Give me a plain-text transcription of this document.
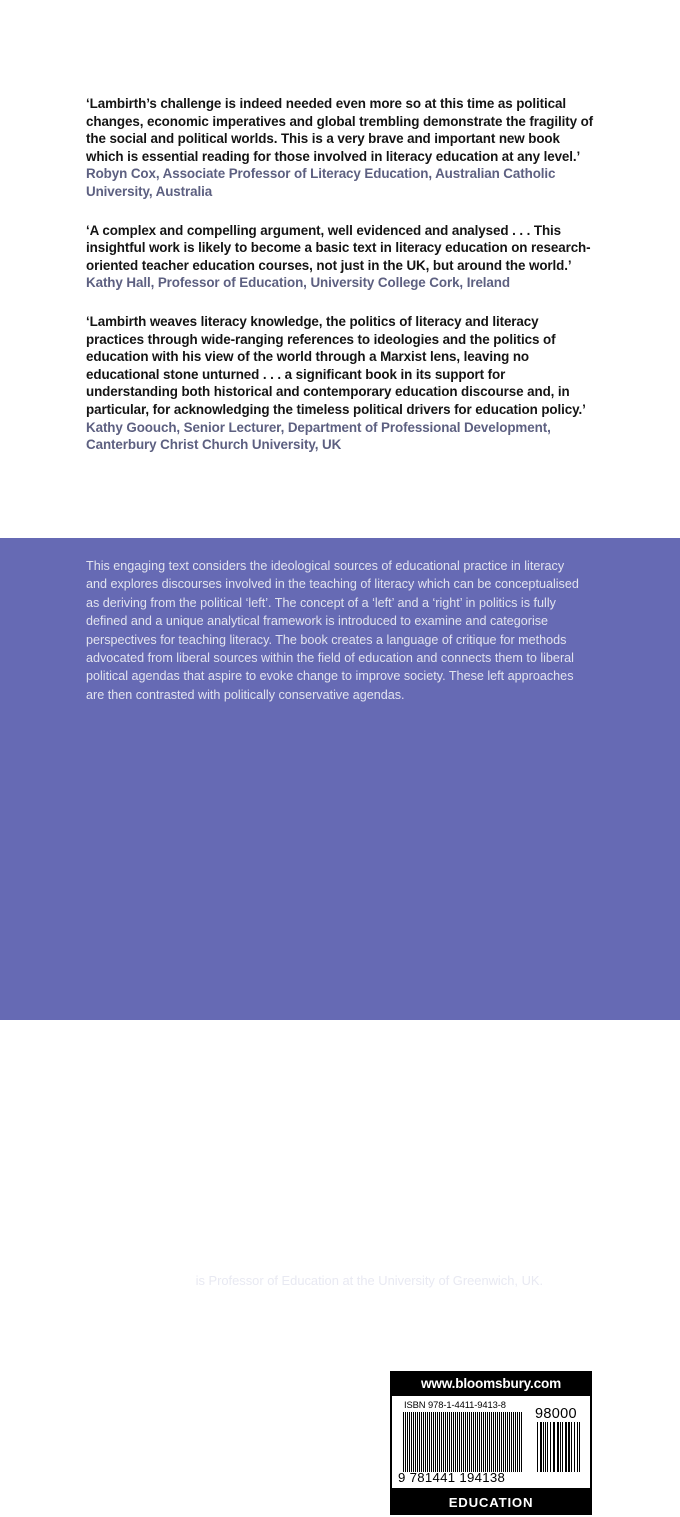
‘Lambirth’s challenge is indeed needed even more so at this time as political changes, economic imperatives and global trembling demonstrate the fragility of the social and political worlds. This is a very brave and important new book which is essential reading for those involved in literacy education at any level.’

Robyn Cox, Associate Professor of Literacy Education, Australian Catholic University, Australia

‘A complex and compelling argument, well evidenced and analysed . . . This insightful work is likely to become a basic text in literacy education on research-oriented teacher education courses, not just in the UK, but around the world.’

Kathy Hall, Professor of Education, University College Cork, Ireland

‘Lambirth weaves literacy knowledge, the politics of literacy and literacy practices through wide-ranging references to ideologies and the politics of education with his view of the world through a Marxist lens, leaving no educational stone unturned . . . a significant book in its support for understanding both historical and contemporary education discourse and, in particular, for acknowledging the timeless political drivers for education policy.’

Kathy Goouch, Senior Lecturer, Department of Professional Development, Canterbury Christ Church University, UK

This engaging text considers the ideological sources of educational practice in literacy and explores discourses involved in the teaching of literacy which can be conceptualised as deriving from the political ‘left’. The concept of a ‘left’ and a ‘right’ in politics is fully defined and a unique analytical framework is introduced to examine and categorise perspectives for teaching literacy. The book creates a language of critique for methods advocated from liberal sources within the field of education and connects them to liberal political agendas that aspire to evoke change to improve society. These left approaches are then contrasted with politically conservative agendas.

Andrew Lambirth is Professor of Education at the University of Greenwich, UK.
www.bloomsbury.com
ISBN 978-1-4411-9413-8
98000
9 781441 194138
EDUCATION
